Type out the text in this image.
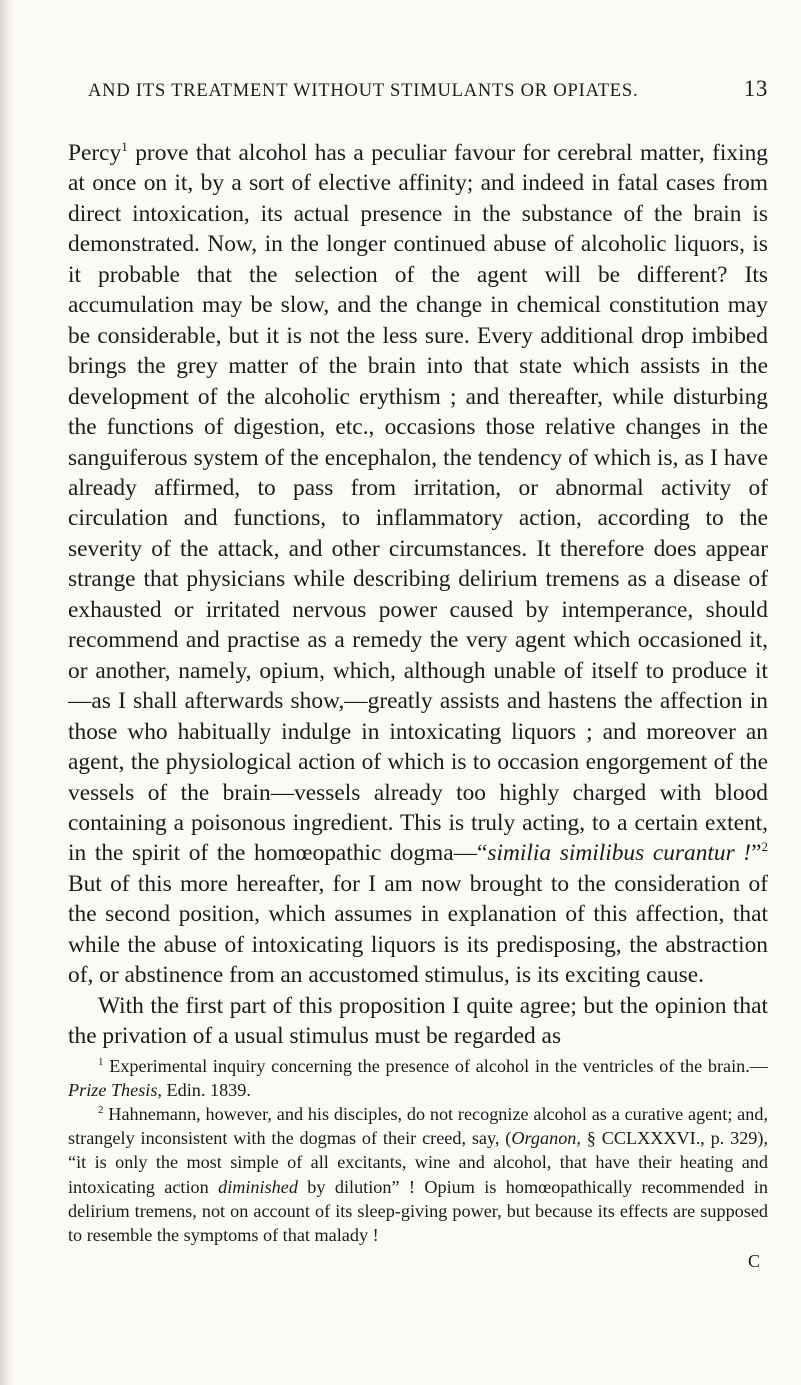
AND ITS TREATMENT WITHOUT STIMULANTS OR OPIATES.	13

Percy$^1$ prove that alcohol has a peculiar favour for cerebral matter, fixing at once on it, by a sort of elective affinity; and indeed in fatal cases from direct intoxication, its actual presence in the substance of the brain is demonstrated. Now, in the longer continued abuse of alcoholic liquors, is it probable that the selection of the agent will be different? Its accumulation may be slow, and the change in chemical constitution may be considerable, but it is not the less sure. Every additional drop imbibed brings the grey matter of the brain into that state which assists in the development of the alcoholic erythism ; and thereafter, while disturbing the functions of digestion, etc., occasions those relative changes in the sanguiferous system of the encephalon, the tendency of which is, as I have already affirmed, to pass from irritation, or abnormal activity of circulation and functions, to inflammatory action, according to the severity of the attack, and other circumstances. It therefore does appear strange that physicians while describing delirium tremens as a disease of exhausted or irritated nervous power caused by intemperance, should recommend and practise as a remedy the very agent which occasioned it, or another, namely, opium, which, although unable of itself to produce it—as I shall afterwards show,—greatly assists and hastens the affection in those who habitually indulge in intoxicating liquors ; and moreover an agent, the physiological action of which is to occasion engorgement of the vessels of the brain—vessels already too highly charged with blood containing a poisonous ingredient. This is truly acting, to a certain extent, in the spirit of the homœopathic dogma—“similia similibus curantur !”$^2$ But of this more hereafter, for I am now brought to the consideration of the second position, which assumes in explanation of this affection, that while the abuse of intoxicating liquors is its predisposing, the abstraction of, or abstinence from an accustomed stimulus, is its exciting cause.

With the first part of this proposition I quite agree; but the opinion that the privation of a usual stimulus must be regarded as

$^1$ Experimental inquiry concerning the presence of alcohol in the ventricles of the brain.—Prize Thesis, Edin. 1839.

$^2$ Hahnemann, however, and his disciples, do not recognize alcohol as a curative agent; and, strangely inconsistent with the dogmas of their creed, say, (Organon, § CCLXXXVI., p. 329), “it is only the most simple of all excitants, wine and alcohol, that have their heating and intoxicating action diminished by dilution” ! Opium is homœopathically recommended in delirium tremens, not on account of its sleep-giving power, but because its effects are supposed to resemble the symptoms of that malady !

C
